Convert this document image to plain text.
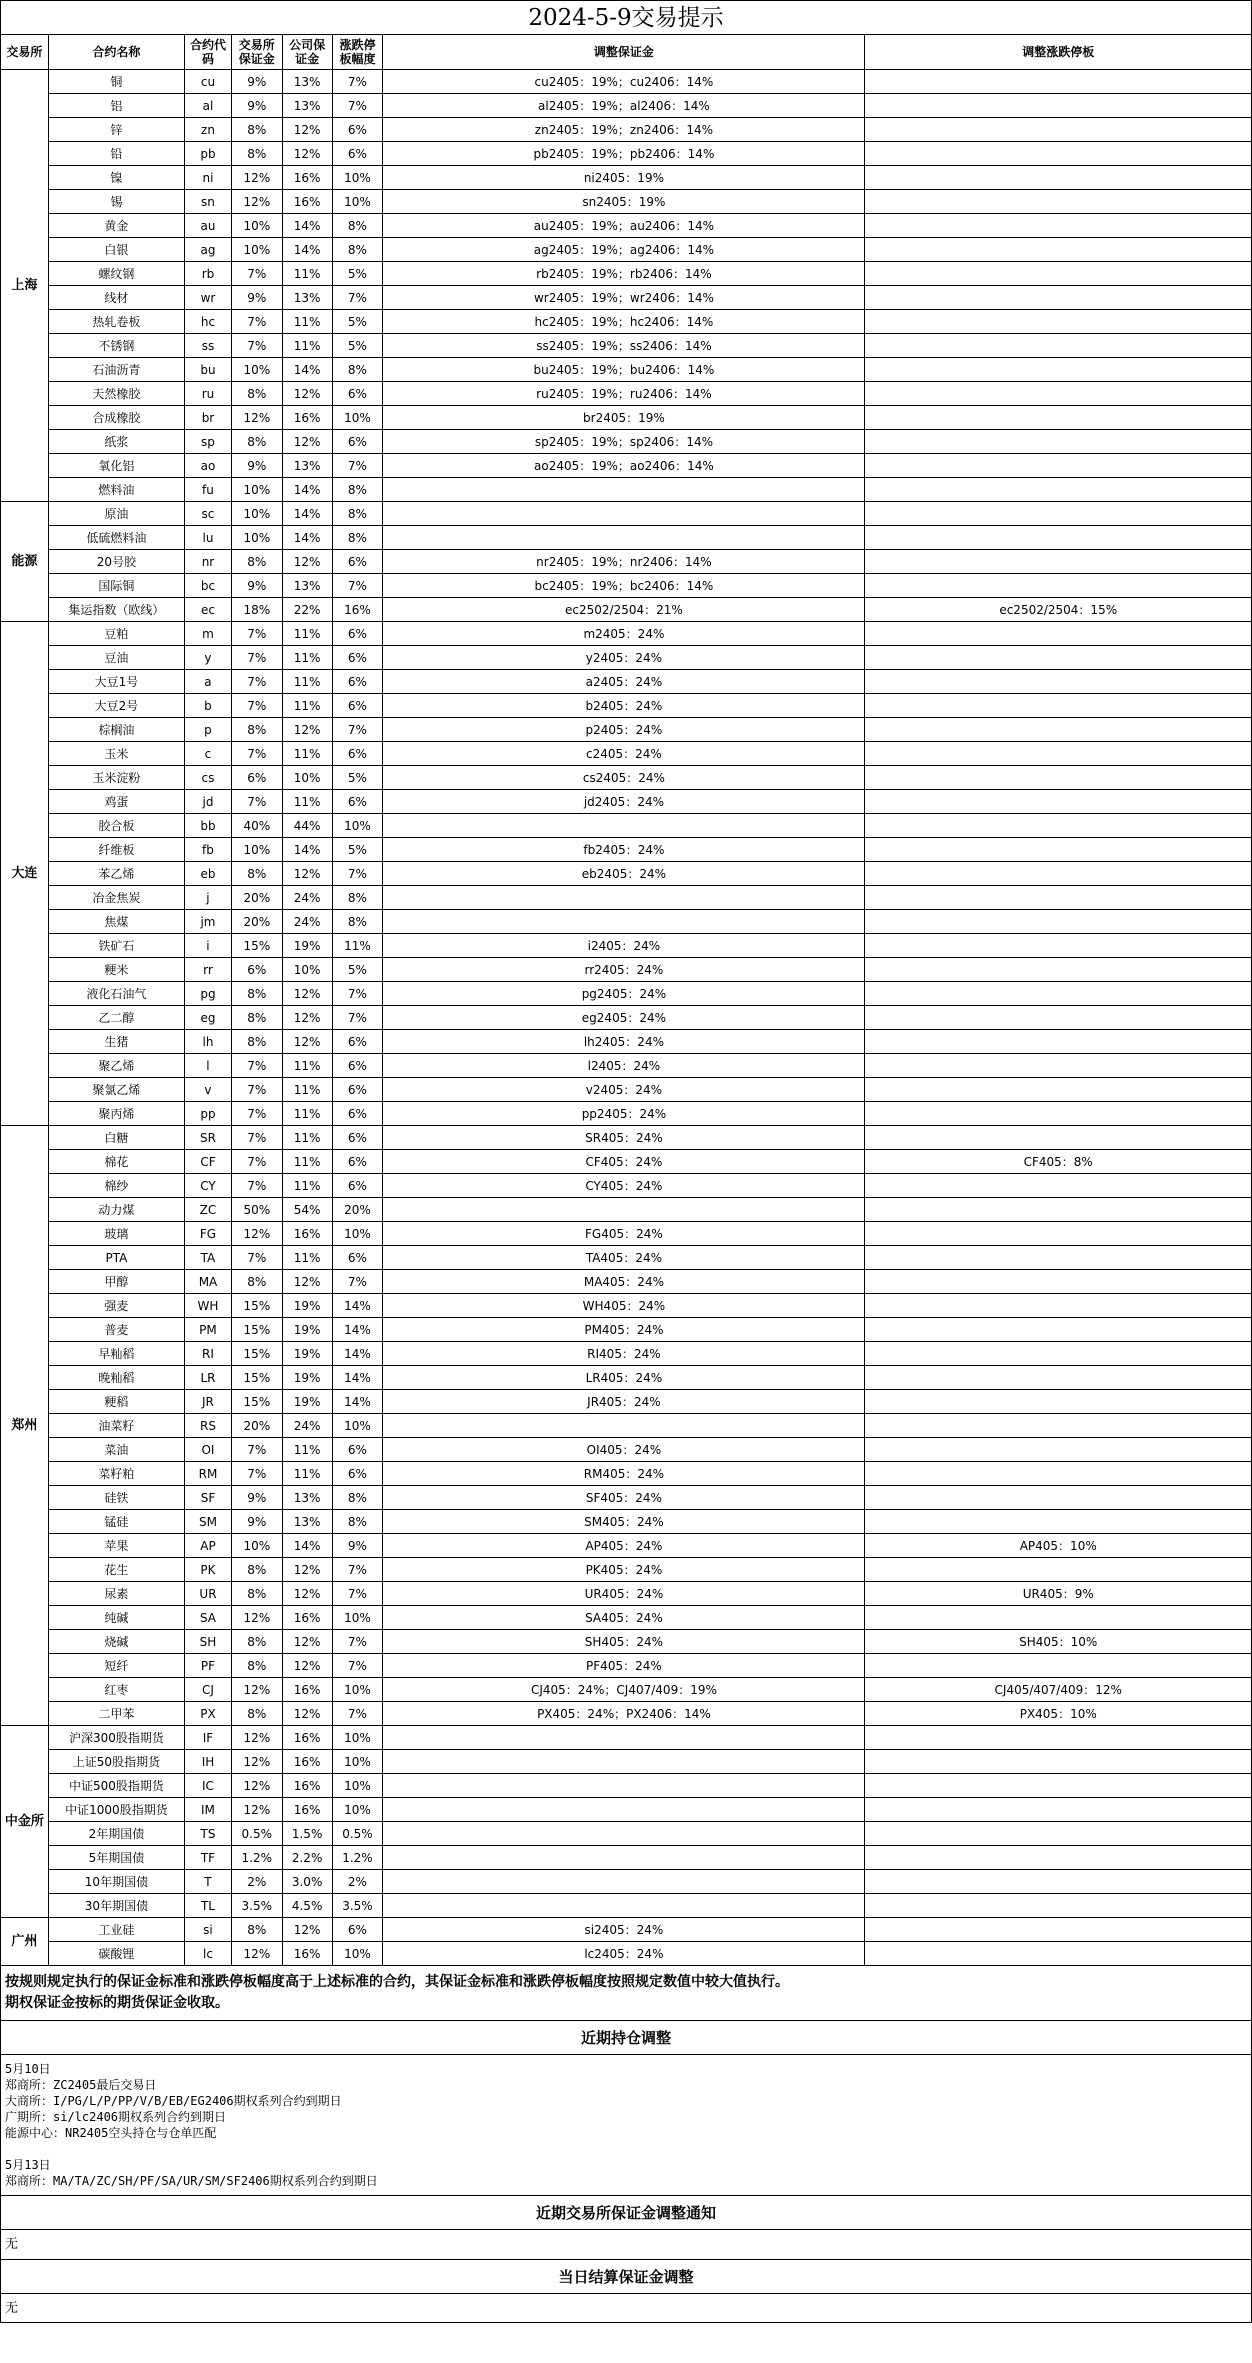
2024-5-9交易提示
交易所	合约名称	合约代码	交易所保证金	公司保证金	涨跌停板幅度	调整保证金	调整涨跌停板
上海	铜	cu	9%	13%	7%	cu2405：19%；cu2406：14%	
	铝	al	9%	13%	7%	al2405：19%；al2406：14%	
	锌	zn	8%	12%	6%	zn2405：19%；zn2406：14%	
	铅	pb	8%	12%	6%	pb2405：19%；pb2406：14%	
	镍	ni	12%	16%	10%	ni2405：19%	
	锡	sn	12%	16%	10%	sn2405：19%	
	黄金	au	10%	14%	8%	au2405：19%；au2406：14%	
	白银	ag	10%	14%	8%	ag2405：19%；ag2406：14%	
	螺纹钢	rb	7%	11%	5%	rb2405：19%；rb2406：14%	
	线材	wr	9%	13%	7%	wr2405：19%；wr2406：14%	
	热轧卷板	hc	7%	11%	5%	hc2405：19%；hc2406：14%	
	不锈钢	ss	7%	11%	5%	ss2405：19%；ss2406：14%	
	石油沥青	bu	10%	14%	8%	bu2405：19%；bu2406：14%	
	天然橡胶	ru	8%	12%	6%	ru2405：19%；ru2406：14%	
	合成橡胶	br	12%	16%	10%	br2405：19%	
	纸浆	sp	8%	12%	6%	sp2405：19%；sp2406：14%	
	氧化铝	ao	9%	13%	7%	ao2405：19%；ao2406：14%	
	燃料油	fu	10%	14%	8%		
能源	原油	sc	10%	14%	8%		
	低硫燃料油	lu	10%	14%	8%		
	20号胶	nr	8%	12%	6%	nr2405：19%；nr2406：14%	
	国际铜	bc	9%	13%	7%	bc2405：19%；bc2406：14%	
	集运指数（欧线）	ec	18%	22%	16%	ec2502/2504：21%	ec2502/2504：15%
大连	豆粕	m	7%	11%	6%	m2405：24%	
	豆油	y	7%	11%	6%	y2405：24%	
	大豆1号	a	7%	11%	6%	a2405：24%	
	大豆2号	b	7%	11%	6%	b2405：24%	
	棕榈油	p	8%	12%	7%	p2405：24%	
	玉米	c	7%	11%	6%	c2405：24%	
	玉米淀粉	cs	6%	10%	5%	cs2405：24%	
	鸡蛋	jd	7%	11%	6%	jd2405：24%	
	胶合板	bb	40%	44%	10%		
	纤维板	fb	10%	14%	5%	fb2405：24%	
	苯乙烯	eb	8%	12%	7%	eb2405：24%	
	冶金焦炭	j	20%	24%	8%		
	焦煤	jm	20%	24%	8%		
	铁矿石	i	15%	19%	11%	i2405：24%	
	粳米	rr	6%	10%	5%	rr2405：24%	
	液化石油气	pg	8%	12%	7%	pg2405：24%	
	乙二醇	eg	8%	12%	7%	eg2405：24%	
	生猪	lh	8%	12%	6%	lh2405：24%	
	聚乙烯	l	7%	11%	6%	l2405：24%	
	聚氯乙烯	v	7%	11%	6%	v2405：24%	
	聚丙烯	pp	7%	11%	6%	pp2405：24%	
郑州	白糖	SR	7%	11%	6%	SR405：24%	
	棉花	CF	7%	11%	6%	CF405：24%	CF405：8%
	棉纱	CY	7%	11%	6%	CY405：24%	
	动力煤	ZC	50%	54%	20%		
	玻璃	FG	12%	16%	10%	FG405：24%	
	PTA	TA	7%	11%	6%	TA405：24%	
	甲醇	MA	8%	12%	7%	MA405：24%	
	强麦	WH	15%	19%	14%	WH405：24%	
	普麦	PM	15%	19%	14%	PM405：24%	
	早籼稻	RI	15%	19%	14%	RI405：24%	
	晚籼稻	LR	15%	19%	14%	LR405：24%	
	粳稻	JR	15%	19%	14%	JR405：24%	
	油菜籽	RS	20%	24%	10%		
	菜油	OI	7%	11%	6%	OI405：24%	
	菜籽粕	RM	7%	11%	6%	RM405：24%	
	硅铁	SF	9%	13%	8%	SF405：24%	
	锰硅	SM	9%	13%	8%	SM405：24%	
	苹果	AP	10%	14%	9%	AP405：24%	AP405：10%
	花生	PK	8%	12%	7%	PK405：24%	
	尿素	UR	8%	12%	7%	UR405：24%	UR405：9%
	纯碱	SA	12%	16%	10%	SA405：24%	
	烧碱	SH	8%	12%	7%	SH405：24%	SH405：10%
	短纤	PF	8%	12%	7%	PF405：24%	
	红枣	CJ	12%	16%	10%	CJ405：24%；CJ407/409：19%	CJ405/407/409：12%
	二甲苯	PX	8%	12%	7%	PX405：24%；PX2406：14%	PX405：10%
中金所	沪深300股指期货	IF	12%	16%	10%		
	上证50股指期货	IH	12%	16%	10%		
	中证500股指期货	IC	12%	16%	10%		
	中证1000股指期货	IM	12%	16%	10%		
	2年期国债	TS	0.5%	1.5%	0.5%		
	5年期国债	TF	1.2%	2.2%	1.2%		
	10年期国债	T	2%	3.0%	2%		
	30年期国债	TL	3.5%	4.5%	3.5%		
广州	工业硅	si	8%	12%	6%	si2405：24%	
	碳酸锂	lc	12%	16%	10%	lc2405：24%	
按规则规定执行的保证金标准和涨跌停板幅度高于上述标准的合约，其保证金标准和涨跌停板幅度按照规定数值中较大值执行。
期权保证金按标的期货保证金收取。
近期持仓调整
5月10日
郑商所：ZC2405最后交易日
大商所：I/PG/L/P/PP/V/B/EB/EG2406期权系列合约到期日
广期所：si/lc2406期权系列合约到期日
能源中心：NR2405空头持仓与仓单匹配
5月13日
郑商所：MA/TA/ZC/SH/PF/SA/UR/SM/SF2406期权系列合约到期日
近期交易所保证金调整通知
无
当日结算保证金调整
无
